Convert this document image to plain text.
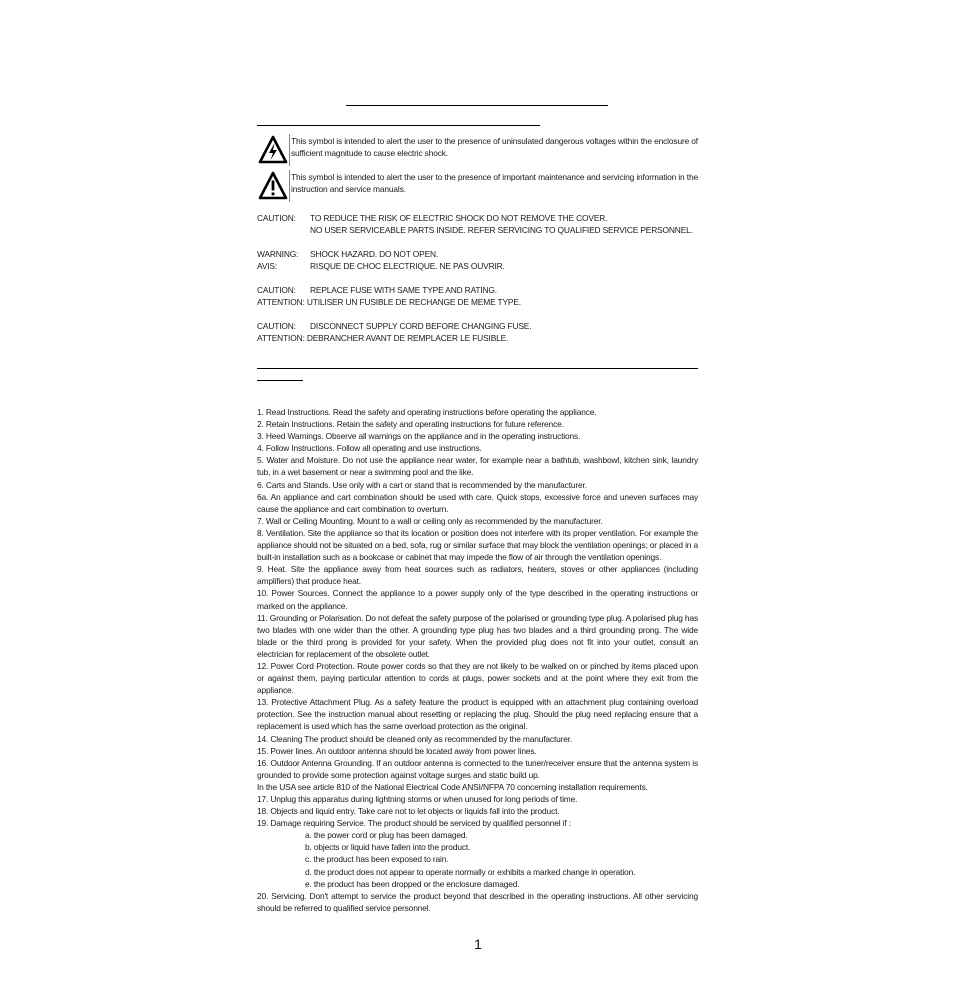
This symbol is intended to alert the user to the presence of uninsulated dangerous voltages within the enclosure of sufficient magnitude to cause electric shock.
This symbol is intended to alert the user to the presence of important maintenance and servicing information in the instruction and service manuals.
CAUTION:	TO REDUCE THE RISK OF ELECTRIC SHOCK DO NOT REMOVE THE COVER.
NO USER SERVICEABLE PARTS INSIDE. REFER SERVICING TO QUALIFIED SERVICE PERSONNEL.
WARNING:	SHOCK HAZARD. DO NOT OPEN.
AVIS:	RISQUE DE CHOC ELECTRIQUE. NE PAS OUVRIR.
CAUTION:	REPLACE FUSE WITH SAME TYPE AND RATING.
ATTENTION: UTILISER UN FUSIBLE DE RECHANGE DE MEME TYPE.
CAUTION:	DISCONNECT SUPPLY CORD BEFORE CHANGING FUSE.
ATTENTION: DEBRANCHER AVANT DE REMPLACER LE FUSIBLE.

1. Read Instructions. Read the safety and operating instructions before operating the appliance.

2. Retain Instructions. Retain the safety and operating instructions for future reference.

3. Heed Warnings. Observe all warnings on the appliance and in the operating instructions.

4. Follow Instructions. Follow all operating and use instructions.

5. Water and Moisture. Do not use the appliance near water, for example near a bathtub, washbowl, kitchen sink, laundry tub, in a wet basement or near a swimming pool and the like.

6. Carts and Stands. Use only with a cart or stand that is recommended by the manufacturer.

6a. An appliance and cart combination should be used with care. Quick stops, excessive force and uneven surfaces may cause the appliance and cart combination to overturn.

7. Wall or Ceiling Mounting. Mount to a wall or ceiling only as recommended by the manufacturer.

8. Ventilation. Site the appliance so that its location or position does not interfere with its proper ventilation. For example the appliance should not be situated on a bed, sofa, rug or similar surface that may block the ventilation openings; or placed in a built-in installation such as a bookcase or cabinet that may impede the flow of air through the ventilation openings.

9. Heat. Site the appliance away from heat sources such as radiators, heaters, stoves or other appliances (including amplifiers) that produce heat.

10. Power Sources. Connect the appliance to a power supply only of the type described in the operating instructions or marked on the appliance.

11. Grounding or Polarisation. Do not defeat the safety purpose of the polarised or grounding type plug. A polarised plug has two blades with one wider than the other. A grounding type plug has two blades and a third grounding prong. The wide blade or the third prong is provided for your safety. When the provided plug does not fit into your outlet, consult an electrician for replacement of the obsolete outlet.

12. Power Cord Protection. Route power cords so that they are not likely to be walked on or pinched by items placed upon or against them, paying particular attention to cords at plugs, power sockets and at the point where they exit from the appliance.

13. Protective Attachment Plug. As a safety feature the product is equipped with an attachment plug containing overload protection. See the instruction manual about resetting or replacing the plug. Should the plug need replacing ensure that a replacement is used which has the same overload protection as the original.

14. Cleaning The product should be cleaned only as recommended by the manufacturer.

15. Power lines. An outdoor antenna should be located away from power lines.

16. Outdoor Antenna Grounding. If an outdoor antenna is connected to the tuner/receiver ensure that the antenna system is grounded to provide some protection against voltage surges and static build up.

In the USA see article 810 of the National Electrical Code ANSI/NFPA 70 concerning installation requirements.

17. Unplug this apparatus during lightning storms or when unused for long periods of time.

18. Objects and liquid entry. Take care not to let objects or liquids fall into the product.

19. Damage requiring Service. The product should be serviced by qualified personnel if :

a. the power cord or plug has been damaged.

b. objects or liquid have fallen into the product.

c. the product has been exposed to rain.

d. the product does not appear to operate normally or exhibits a marked change in operation.

e. the product has been dropped or the enclosure damaged.

20. Servicing. Don't attempt to service the product beyond that described in the operating instructions. All other servicing should be referred to qualified service personnel.

1
